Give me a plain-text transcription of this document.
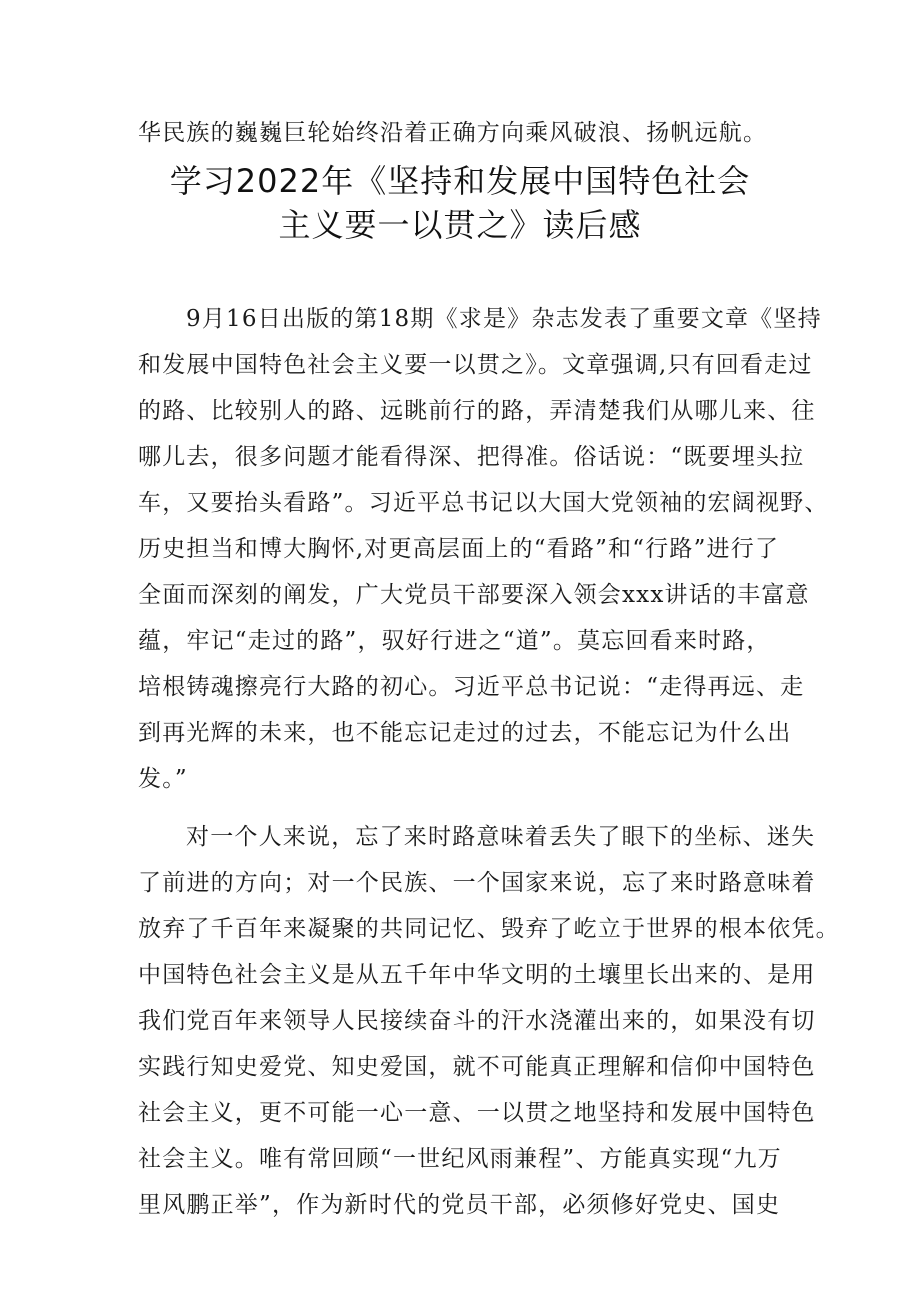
华民族的巍巍巨轮始终沿着正确方向乘风破浪、扬帆远航。
学习2022年《坚持和发展中国特色社会
主义要一以贯之》读后感
9月16日出版的第18期《求是》杂志发表了重要文章《坚持
和发展中国特色社会主义要一以贯之》。文章强调,只有回看走过
的路、比较别人的路、远眺前行的路，弄清楚我们从哪儿来、往
哪儿去，很多问题才能看得深、把得准。俗话说：“既要埋头拉
车，又要抬头看路”。习近平总书记以大国大党领袖的宏阔视野、
历史担当和博大胸怀,对更高层面上的“看路”和“行路”进行了
全面而深刻的阐发，广大党员干部要深入领会xxx讲话的丰富意
蕴，牢记“走过的路”，驭好行进之“道”。莫忘回看来时路，
培根铸魂擦亮行大路的初心。习近平总书记说：“走得再远、走
到再光辉的未来，也不能忘记走过的过去，不能忘记为什么出
发。”
对一个人来说，忘了来时路意味着丢失了眼下的坐标、迷失
了前进的方向；对一个民族、一个国家来说，忘了来时路意味着
放弃了千百年来凝聚的共同记忆、毁弃了屹立于世界的根本依凭。
中国特色社会主义是从五千年中华文明的土壤里长出来的、是用
我们党百年来领导人民接续奋斗的汗水浇灌出来的，如果没有切
实践行知史爱党、知史爱国，就不可能真正理解和信仰中国特色
社会主义，更不可能一心一意、一以贯之地坚持和发展中国特色
社会主义。唯有常回顾“一世纪风雨兼程”、方能真实现“九万
里风鹏正举”，作为新时代的党员干部，必须修好党史、国史
